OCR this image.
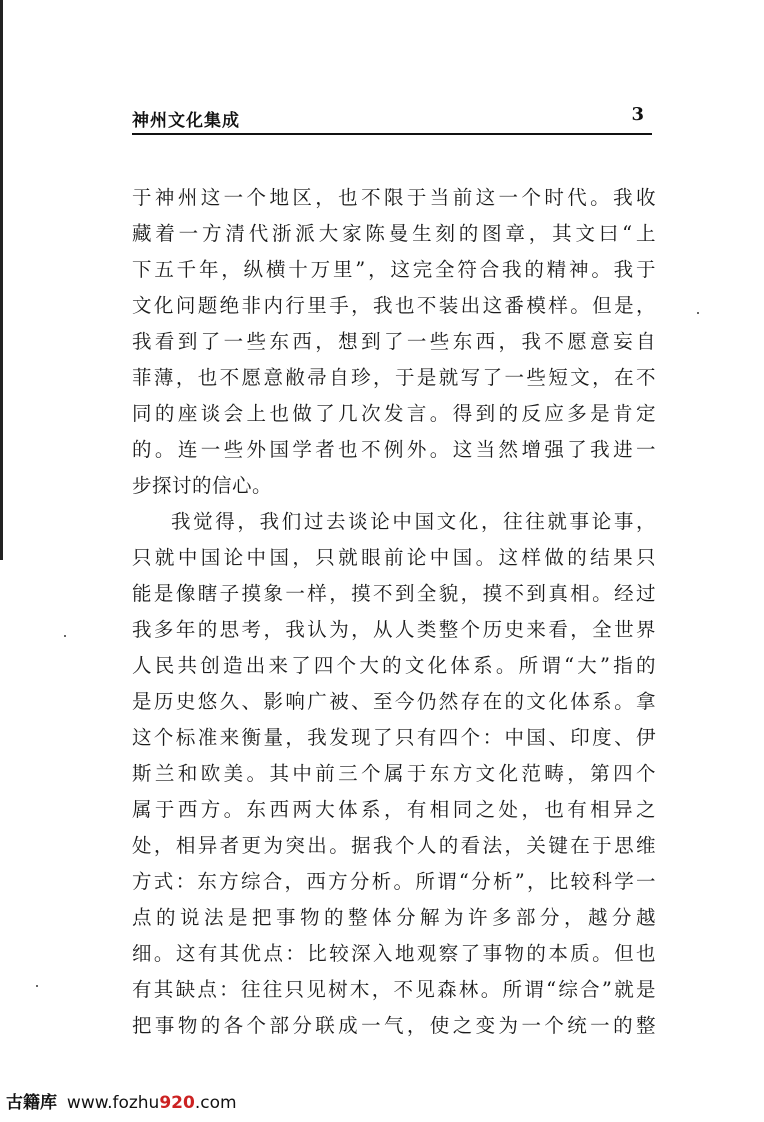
神州文化集成	3
于神州这一个地区，也不限于当前这一个时代。我收
藏着一方清代浙派大家陈曼生刻的图章，其文曰“上
下五千年，纵横十万里”，这完全符合我的精神。我于
文化问题绝非内行里手，我也不装出这番模样。但是，
我看到了一些东西，想到了一些东西，我不愿意妄自
菲薄，也不愿意敝帚自珍，于是就写了一些短文，在不
同的座谈会上也做了几次发言。得到的反应多是肯定
的。连一些外国学者也不例外。这当然增强了我进一
步探讨的信心。
我觉得，我们过去谈论中国文化，往往就事论事，
只就中国论中国，只就眼前论中国。这样做的结果只
能是像瞎子摸象一样，摸不到全貌，摸不到真相。经过
我多年的思考，我认为，从人类整个历史来看，全世界
人民共创造出来了四个大的文化体系。所谓“大”指的
是历史悠久、影响广被、至今仍然存在的文化体系。拿
这个标准来衡量，我发现了只有四个：中国、印度、伊
斯兰和欧美。其中前三个属于东方文化范畴，第四个
属于西方。东西两大体系，有相同之处，也有相异之
处，相异者更为突出。据我个人的看法，关键在于思维
方式：东方综合，西方分析。所谓“分析”，比较科学一
点的说法是把事物的整体分解为许多部分，越分越
细。这有其优点：比较深入地观察了事物的本质。但也
有其缺点：往往只见树木，不见森林。所谓“综合”就是
把事物的各个部分联成一气，使之变为一个统一的整
古籍库 www.fozhu920.com
